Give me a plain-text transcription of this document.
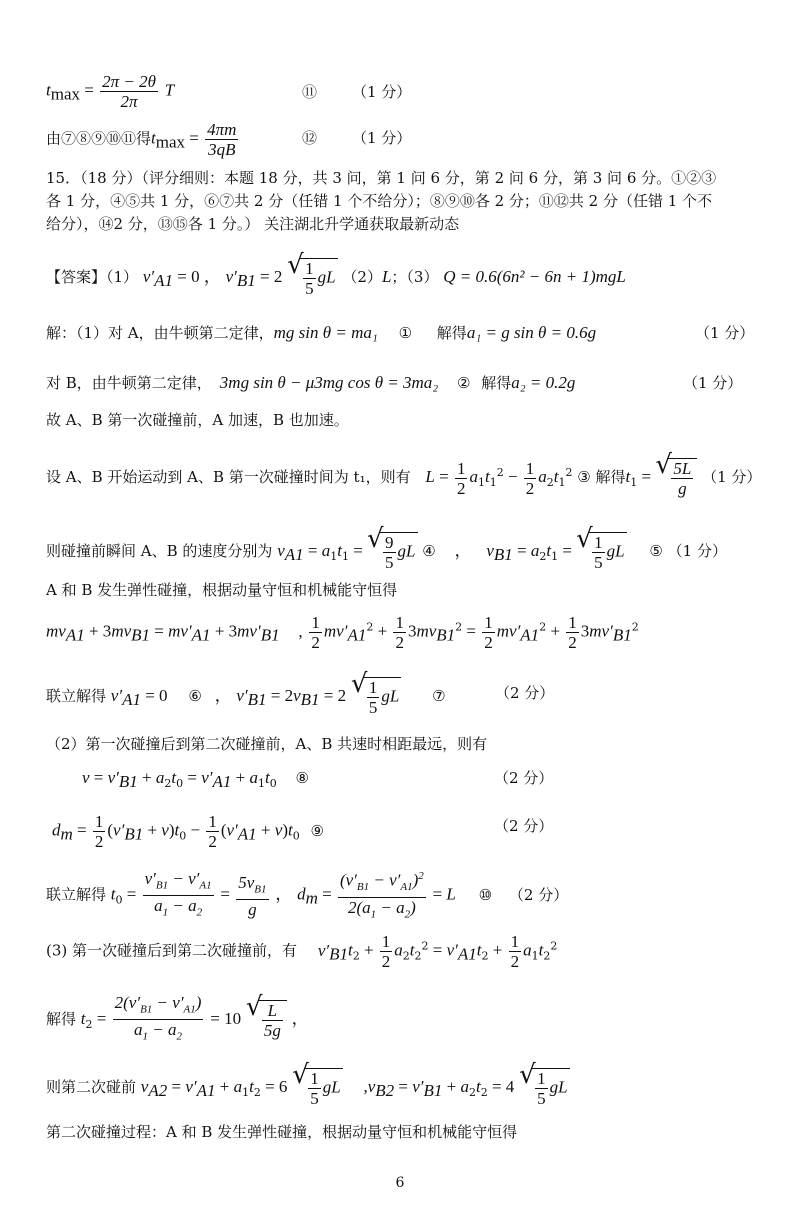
$t_{max} = \frac{2\pi - 2\theta}{2\pi}$ T	⑪ （1 分）
由⑦⑧⑨⑩⑪得$t_{max} = \frac{4\pi m}{3qB}$	⑫ （1 分）
15．（18 分）（评分细则：本题 18 分，共 3 问，第 1 问 6 分，第 2 问 6 分，第 3 问 6 分。①②③
各 1 分，④⑤共 1 分，⑥⑦共 2 分（任错 1 个不给分）；⑧⑨⑩各 2 分；⑪⑫共 2 分（任错 1 个不
给分），⑭2 分，⑬⑮各 1 分。） 关注湖北升学通获取最新动态
【答案】（1） $v'_{A1} = 0$ ， $v'_{B1} = 2$ √ $\frac{1}{5}$ gL （2）L；（3） Q = 0.6(6n² − 6n + 1)mgL
解：（1）对 A，由牛顿第二定律，mg sin θ = ma₁ ① 解得a₁ = g sin θ = 0.6g	（1 分）
对 B，由牛顿第二定律， 3mg sin θ − μ3mg cos θ = 3ma₂ ② 解得a₂ = 0.2g	（1 分）
故 A、B 第一次碰撞前，A 加速，B 也加速。
设 A、B 开始运动到 A、B 第一次碰撞时间为 t₁，则有 $L = \frac{1}{2} a_1t_1^2 - \frac{1}{2} a_2t_1^2$ ③ 解得$t_1$ = √ $\frac{5L}{g} (1$ 分）
则碰撞前瞬间 A、B 的速度分别为 $v_{A1} = a_1t_1$ = √ $\frac{9}{5}$ gL ④ ， $v_{B1} = a_2t_1$ = √ $\frac{1}{5}$ gL ⑤ （1 分）
A 和 B 发生弹性碰撞，根据动量守恒和机械能守恒得
$mv_{A1} + 3mv_{B1} = mv'_{A1} + 3mv'_{B1}$ , $\frac{1}{2} mv'_{A1}^2 + \frac{1}{2} 3mv_{B1}^2 = \frac{1}{2} mv'_{A1}^2 + \frac{1}{2} 3mv'_{B1}^2$
联立解得 $v'_{A1} = 0$ ⑥ ， $v'_{B1} = 2v_{B1} = 2$ √ $\frac{1}{5}$ gL ⑦	（2 分）
（2）第一次碰撞后到第二次碰撞前，A、B 共速时相距最远，则有
$v = v'_{B1} + a_2t_0 = v'_{A1} + a_1t_0$ ⑧	（2 分）
$d_m = \frac{1}{2} (v'_{B1} + v)t_0 - \frac{1}{2} (v'_{A1} + v)t_0$ ⑨	（2 分）
联立解得 $t_0 = \frac{v'_{B1} - v'_{A1}}{a_1 - a_2} = \frac{5v_{B1}}{g}$ ， $d_m = \frac{(v'_{B1} - v'_{A1})^2}{2(a_1 - a_2)} = L$ ⑩ （2 分）
(3) 第一次碰撞后到第二次碰撞前，有 $v'_{B1}t_2 + \frac{1}{2} a_2t_2^2 = v'_{A1}t_2 + \frac{1}{2} a_1t_2^2$
解得 $t_2 = \frac{2(v'_{B1} - v'_{A1})}{a_1 - a_2} = 10$ √ $\frac{L}{5g}$ ，
则第二次碰前 $v_{A2} = v'_{A1} + a_1t_2 = 6$ √ $\frac{1}{5}$ gL $,v_{B2} = v'_{B1} + a_2t_2 = 4$ √ $\frac{1}{5}$ gL
第二次碰撞过程：A 和 B 发生弹性碰撞，根据动量守恒和机械能守恒得
6
